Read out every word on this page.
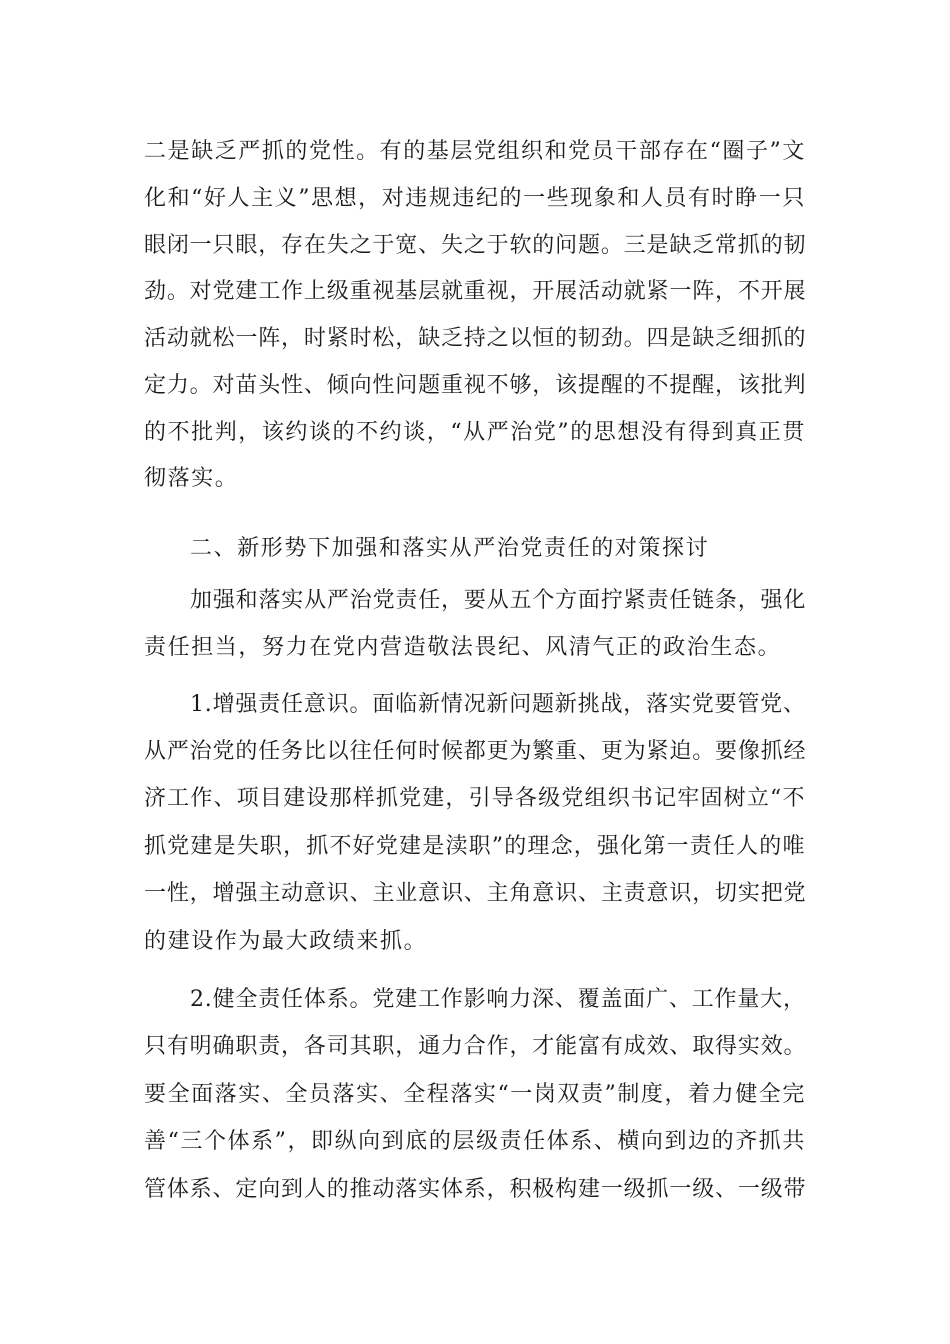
二是缺乏严抓的党性。有的基层党组织和党员干部存在“圈子”文
化和“好人主义”思想，对违规违纪的一些现象和人员有时睁一只
眼闭一只眼，存在失之于宽、失之于软的问题。三是缺乏常抓的韧
劲。对党建工作上级重视基层就重视，开展活动就紧一阵，不开展
活动就松一阵，时紧时松，缺乏持之以恒的韧劲。四是缺乏细抓的
定力。对苗头性、倾向性问题重视不够，该提醒的不提醒，该批判
的不批判，该约谈的不约谈，“从严治党”的思想没有得到真正贯
彻落实。
二、新形势下加强和落实从严治党责任的对策探讨
加强和落实从严治党责任，要从五个方面拧紧责任链条，强化
责任担当，努力在党内营造敬法畏纪、风清气正的政治生态。
1.增强责任意识。面临新情况新问题新挑战，落实党要管党、
从严治党的任务比以往任何时候都更为繁重、更为紧迫。要像抓经
济工作、项目建设那样抓党建，引导各级党组织书记牢固树立“不
抓党建是失职，抓不好党建是渎职”的理念，强化第一责任人的唯
一性，增强主动意识、主业意识、主角意识、主责意识，切实把党
的建设作为最大政绩来抓。
2.健全责任体系。党建工作影响力深、覆盖面广、工作量大，
只有明确职责，各司其职，通力合作，才能富有成效、取得实效。
要全面落实、全员落实、全程落实“一岗双责”制度，着力健全完
善“三个体系”，即纵向到底的层级责任体系、横向到边的齐抓共
管体系、定向到人的推动落实体系，积极构建一级抓一级、一级带
